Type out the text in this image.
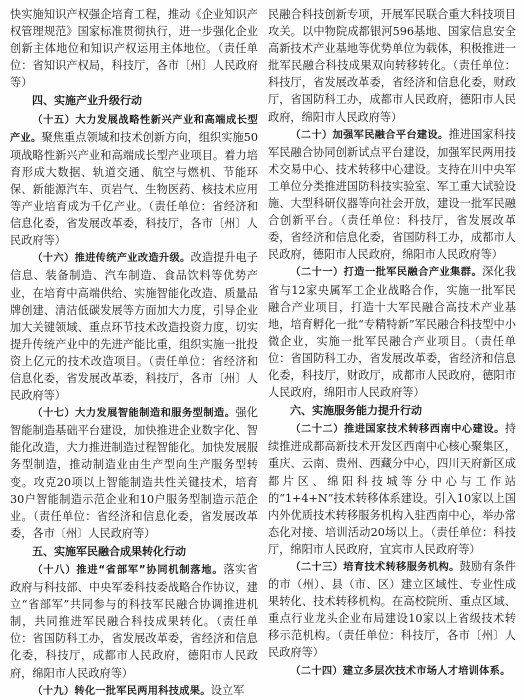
快实施知识产权强企培育工程，推动《企业知识产权管理规范》国家标准贯彻执行，进一步强化企业创新主体地位和知识产权运用主体地位。（责任单位：省知识产权局，科技厅，各市〔州〕人民政府等）

四、实施产业升级行动

（十五）大力发展战略性新兴产业和高端成长型产业。聚焦重点领域和技术创新方向，组织实施50项战略性新兴产业和高端成长型产业项目。着力培育形成大数据、轨道交通、航空与燃机、节能环保、新能源汽车、页岩气、生物医药、核技术应用等产业培育成为千亿产业。（责任单位：省经济和信息化委，省发展改革委，科技厅，各市〔州〕人民政府等）

（十六）推进传统产业改造升级。改造提升电子信息、装备制造、汽车制造、食品饮料等优势产业，在培育中高端供给、实施智能化改造、质量品牌创建、清洁低碳发展等方面加大力度，引导企业加大关键领域、重点环节技术改造投资力度，切实提升传统产业中的先进产能比重，组织实施一批投资上亿元的技术改造项目。（责任单位：省经济和信息化委，省发展改革委，科技厅，各市〔州〕人民政府等）

（十七）大力发展智能制造和服务型制造。强化智能制造基础平台建设，加快推进企业数字化、智能化改造，大力推进制造过程智能化。加快发展服务型制造，推动制造业由生产型向生产服务型转变。攻克20项以上智能制造共性关键技术，培育30户智能制造示范企业和10户服务型制造示范企业。（责任单位：省经济和信息化委，省发展改革委，各市〔州〕人民政府等）

五、实施军民融合成果转化行动

（十八）推进“省部军”协同机制落地。落实省政府与科技部、中央军委科技委战略合作协议，建立“省部军”共同参与的科技军民融合协调推进机制，共同推进军民融合科技成果转化。（责任单位：省国防科工办，省发展改革委，省经济和信息化委，科技厅，成都市人民政府，德阳市人民政府，绵阳市人民政府等）

（十九）转化一批军民两用科技成果。设立军

民融合科技创新专项，开展军民联合重大科技项目攻关。以中物院成都银河596基地、国家信息安全高新技术产业基地等优势单位为载体，积极推进一批军民融合科技成果双向转移转化。（责任单位：科技厅，省发展改革委，省经济和信息化委，财政厅，省国防科工办，成都市人民政府，德阳市人民政府，绵阳市人民政府等）

（二十）加强军民融合平台建设。推进国家科技军民融合协同创新试点平台建设，加强军民两用技术交易中心、技术转移中心建设。支持在川中央军工单位分类推进国防科技实验室、军工重大试验设施、大型科研仪器等向社会开放，建设一批军民融合创新平台。（责任单位：科技厅，省发展改革委，省经济和信息化委，省国防科工办，成都市人民政府，德阳市人民政府，绵阳市人民政府等）

（二十一）打造一批军民融合产业集群。深化我省与12家央属军工企业战略合作，实施一批军民融合产业项目，打造十大军民融合高技术产业基地，培育孵化一批“专精特新”军民融合科技型中小微企业，实施一批军民融合产业项目。（责任单位：省国防科工办，省发展改革委，省经济和信息化委，科技厅，财政厅，成都市人民政府，德阳市人民政府，绵阳市人民政府等）

六、实施服务能力提升行动

（二十二）推进国家技术转移西南中心建设。持续推进成都高新技术开发区西南中心核心聚集区，重庆、云南、贵州、西藏分中心，四川天府新区成都片区、绵阳科技城等分中心与工作站的“1+4+N”技术转移体系建设。引入10家以上国内外优质技术转移服务机构入驻西南中心，举办常态化对接、培训活动20场以上。（责任单位：科技厅，绵阳市人民政府，宜宾市人民政府等）

（二十三）培育技术转移服务机构。鼓励有条件的市（州）、县（市、区）建立区域性、专业性成果转化、技术转移机构。在高校院所、重点区域、重点行业龙头企业布局建设10家以上省级技术转移示范机构。（责任单位：科技厅，各市〔州〕人民政府等）

（二十四）建立多层次技术市场人才培训体系。
